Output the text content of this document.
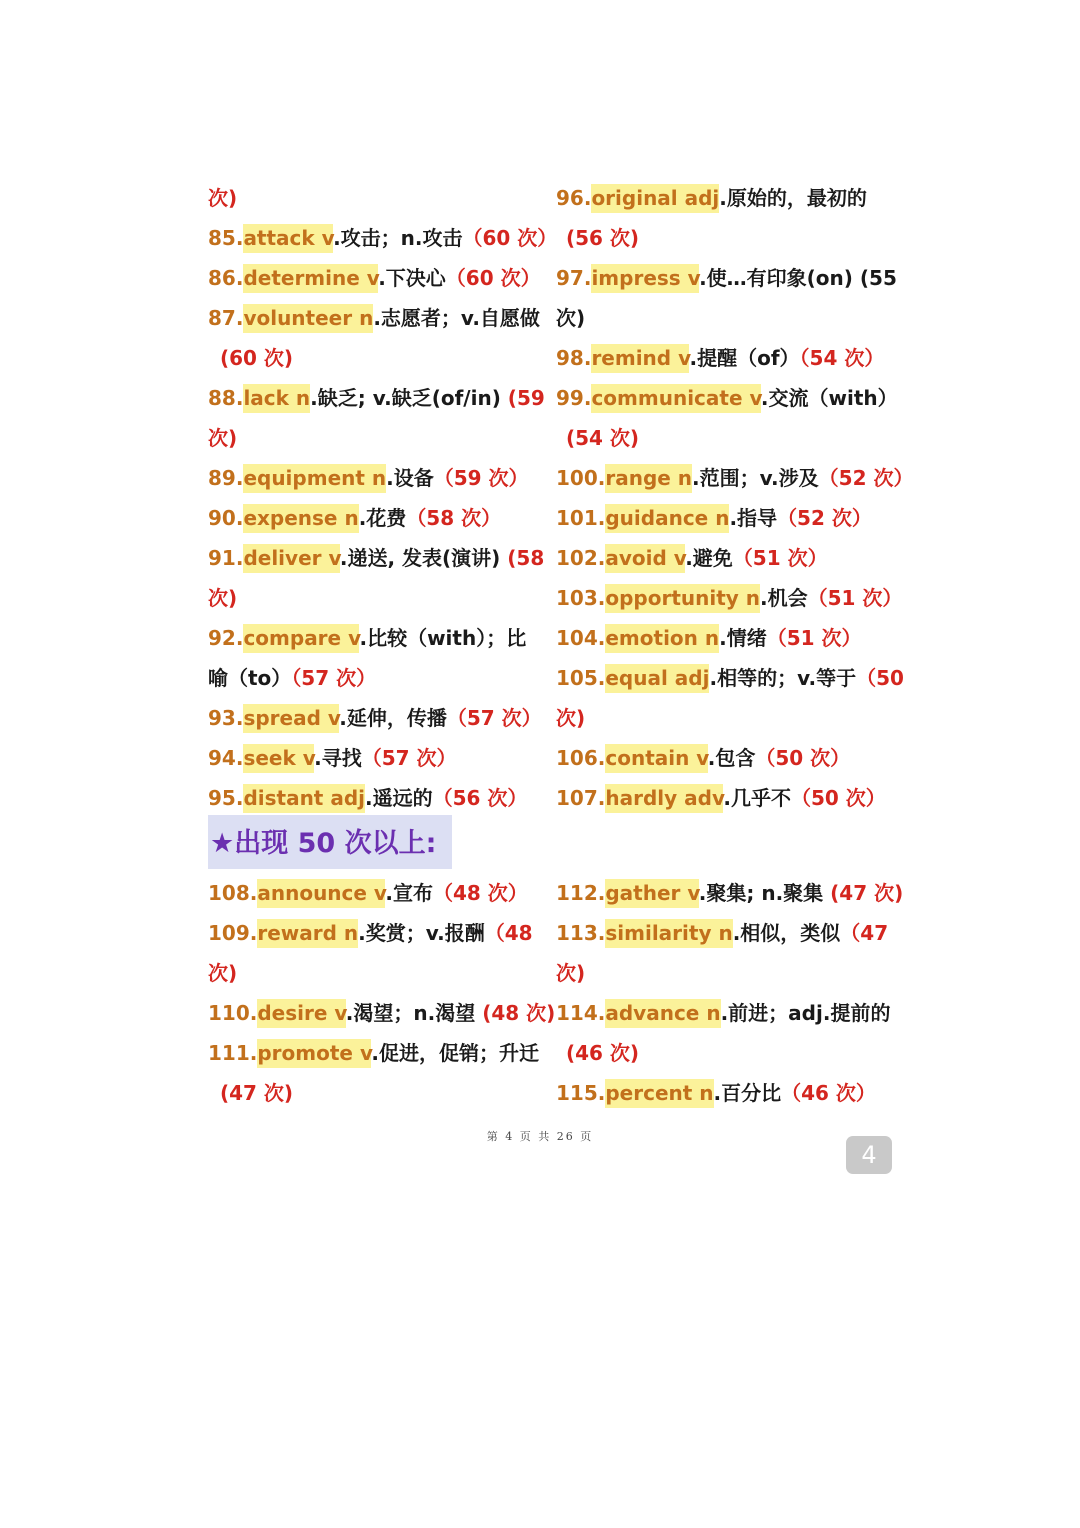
次)
85.attack v.攻击；n.攻击（60 次）
86.determine v.下决心（60 次）
87.volunteer n.志愿者；v.自愿做
(60 次)
88.lack n.缺乏; v.缺乏(of/in) (59
次)
89.equipment n.设备（59 次）
90.expense n.花费（58 次）
91.deliver v.递送, 发表(演讲) (58
次)
92.compare v.比较（with）；比
喻（to）（57 次）
93.spread v.延伸，传播（57 次）
94.seek v.寻找（57 次）
95.distant adj.遥远的（56 次）
96.original adj.原始的，最初的
(56 次)
97.impress v.使…有印象(on) (55
次)
98.remind v.提醒（of）（54 次）
99.communicate v.交流（with）
(54 次)
100.range n.范围；v.涉及（52 次）
101.guidance n.指导（52 次）
102.avoid v.避免（51 次）
103.opportunity n.机会（51 次）
104.emotion n.情绪（51 次）
105.equal adj.相等的；v.等于（50
次)
106.contain v.包含（50 次）
107.hardly adv.几乎不（50 次）
108.announce v.宣布（48 次）
109.reward n.奖赏；v.报酬（48
次)
110.desire v.渴望；n.渴望 (48 次)
111.promote v.促进，促销；升迁
(47 次)
112.gather v.聚集; n.聚集 (47 次)
113.similarity n.相似，类似（47
次)
114.advance n.前进；adj.提前的
(46 次)
115.percent n.百分比（46 次）
★出现 50 次以上:
第 4 页 共 26 页
4
